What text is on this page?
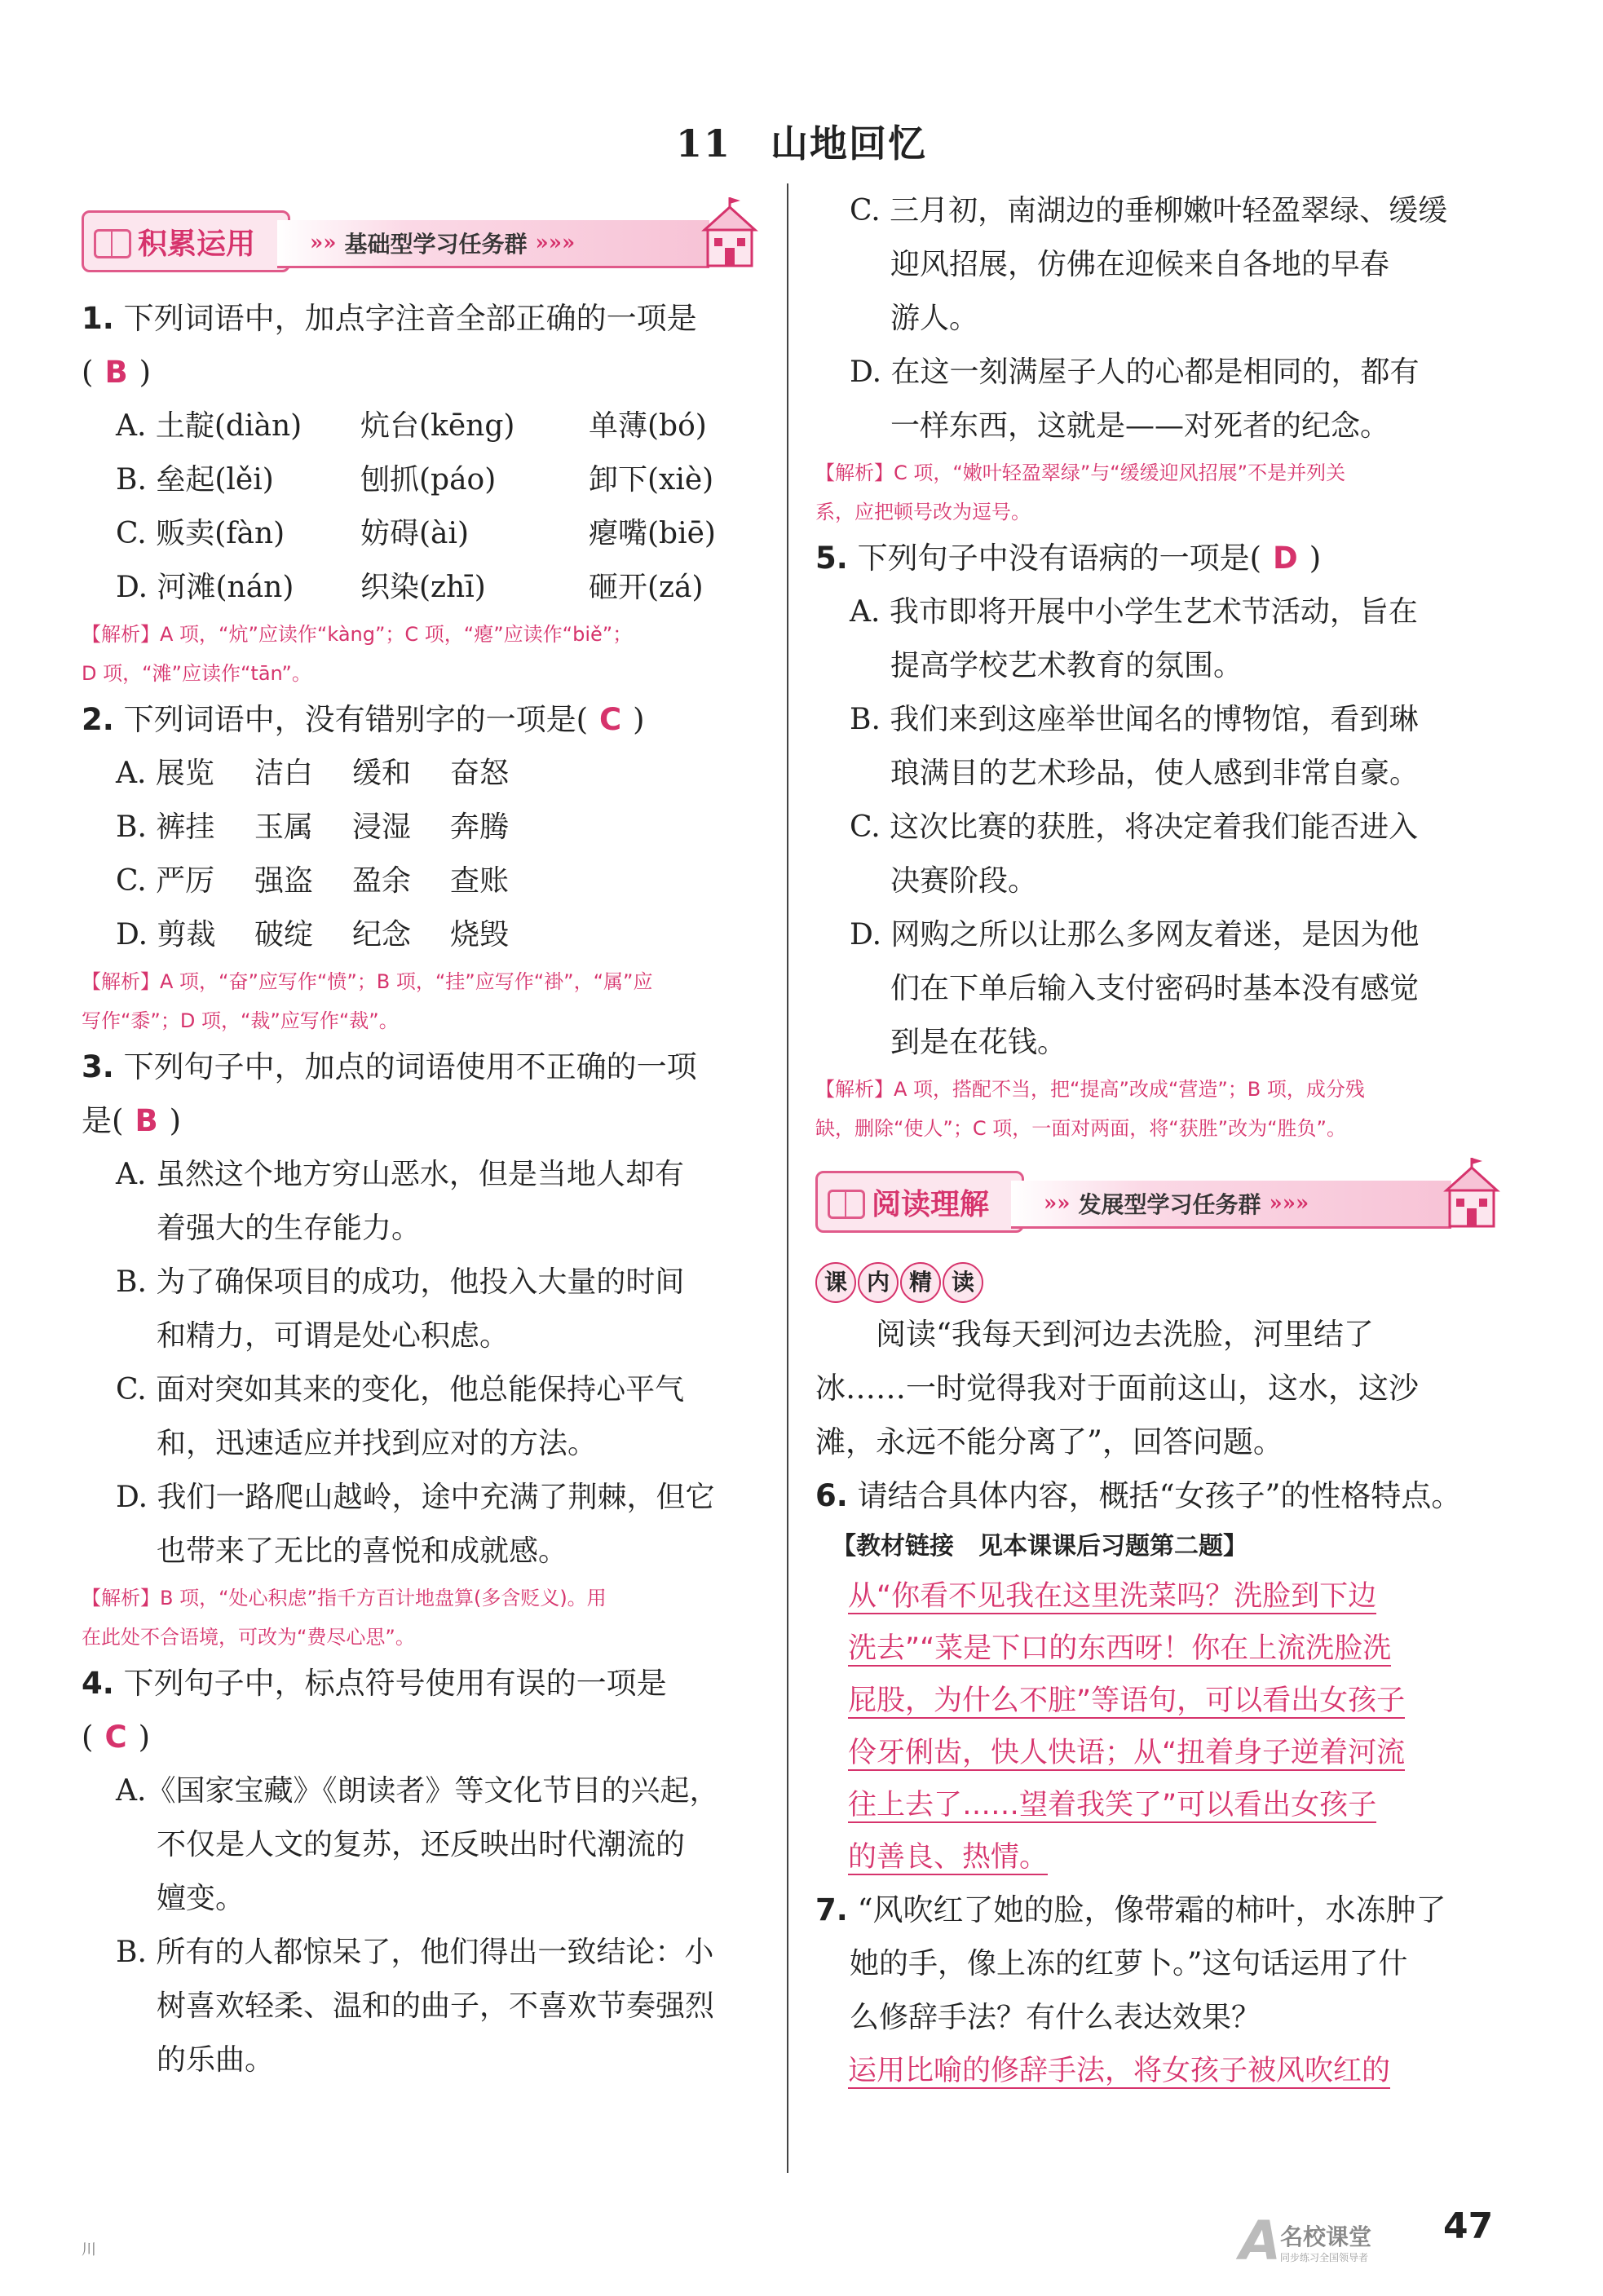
11　山地回忆
积累运用	»» 基础型学习任务群 »»»
1. 下列词语中，加点字注音全部正确的一项是
( B )
A. 土靛(diàn)	炕台(kēng)	单薄(bó)
B. 垒起(lěi)	刨抓(páo)	卸下(xiè)
C. 贩卖(fàn)	妨碍(ài)	瘪嘴(biē)
D. 河滩(nán)	织染(zhī)	砸开(zá)
【解析】A 项，“炕”应读作“kàng”；C 项，“瘪”应读作“biě”；
D 项，“滩”应读作“tān”。
2. 下列词语中，没有错别字的一项是( C )
A. 展览	洁白	缓和	奋怒
B. 裤挂	玉属	浸湿	奔腾
C. 严厉	强盗	盈余	查账
D. 剪裁	破绽	纪念	烧毁
【解析】A 项，“奋”应写作“愤”；B 项，“挂”应写作“褂”，“属”应
写作“黍”；D 项，“裁”应写作“裁”。
3. 下列句子中，加点的词语使用不正确的一项
是( B )
A. 虽然这个地方穷山恶水，但是当地人却有
着强大的生存能力。
B. 为了确保项目的成功，他投入大量的时间
和精力，可谓是处心积虑。
C. 面对突如其来的变化，他总能保持心平气
和，迅速适应并找到应对的方法。
D. 我们一路爬山越岭，途中充满了荆棘，但它
也带来了无比的喜悦和成就感。
【解析】B 项，“处心积虑”指千方百计地盘算(多含贬义)。用
在此处不合语境，可改为“费尽心思”。
4. 下列句子中，标点符号使用有误的一项是
( C )
A.《国家宝藏》《朗读者》等文化节目的兴起，
不仅是人文的复苏，还反映出时代潮流的
嬗变。
B. 所有的人都惊呆了，他们得出一致结论：小
树喜欢轻柔、温和的曲子，不喜欢节奏强烈
的乐曲。
C. 三月初，南湖边的垂柳嫩叶轻盈翠绿、缓缓
迎风招展，仿佛在迎候来自各地的早春
游人。
D. 在这一刻满屋子人的心都是相同的，都有
一样东西，这就是——对死者的纪念。
【解析】C 项，“嫩叶轻盈翠绿”与“缓缓迎风招展”不是并列关
系，应把顿号改为逗号。
5. 下列句子中没有语病的一项是( D )
A. 我市即将开展中小学生艺术节活动，旨在
提高学校艺术教育的氛围。
B. 我们来到这座举世闻名的博物馆，看到琳
琅满目的艺术珍品，使人感到非常自豪。
C. 这次比赛的获胜，将决定着我们能否进入
决赛阶段。
D. 网购之所以让那么多网友着迷，是因为他
们在下单后输入支付密码时基本没有感觉
到是在花钱。
【解析】A 项，搭配不当，把“提高”改成“营造”；B 项，成分残
缺，删除“使人”；C 项，一面对两面，将“获胜”改为“胜负”。
阅读理解	»» 发展型学习任务群 »»»
课 内 精 读
阅读“我每天到河边去洗脸，河里结了
冰……一时觉得我对于面前这山，这水，这沙
滩，永远不能分离了”，回答问题。
6. 请结合具体内容，概括“女孩子”的性格特点。
【教材链接　见本课课后习题第二题】
从“你看不见我在这里洗菜吗？洗脸到下边
洗去”“菜是下口的东西呀！你在上流洗脸洗
屁股，为什么不脏”等语句，可以看出女孩子
伶牙俐齿，快人快语；从“扭着身子逆着河流
往上去了……望着我笑了”可以看出女孩子
的善良、热情。
7. “风吹红了她的脸，像带霜的柿叶，水冻肿了
她的手，像上冻的红萝卜。”这句话运用了什
么修辞手法？有什么表达效果？
运用比喻的修辞手法，将女孩子被风吹红的
川	A
名校课堂
同步练习全国领导者
47
